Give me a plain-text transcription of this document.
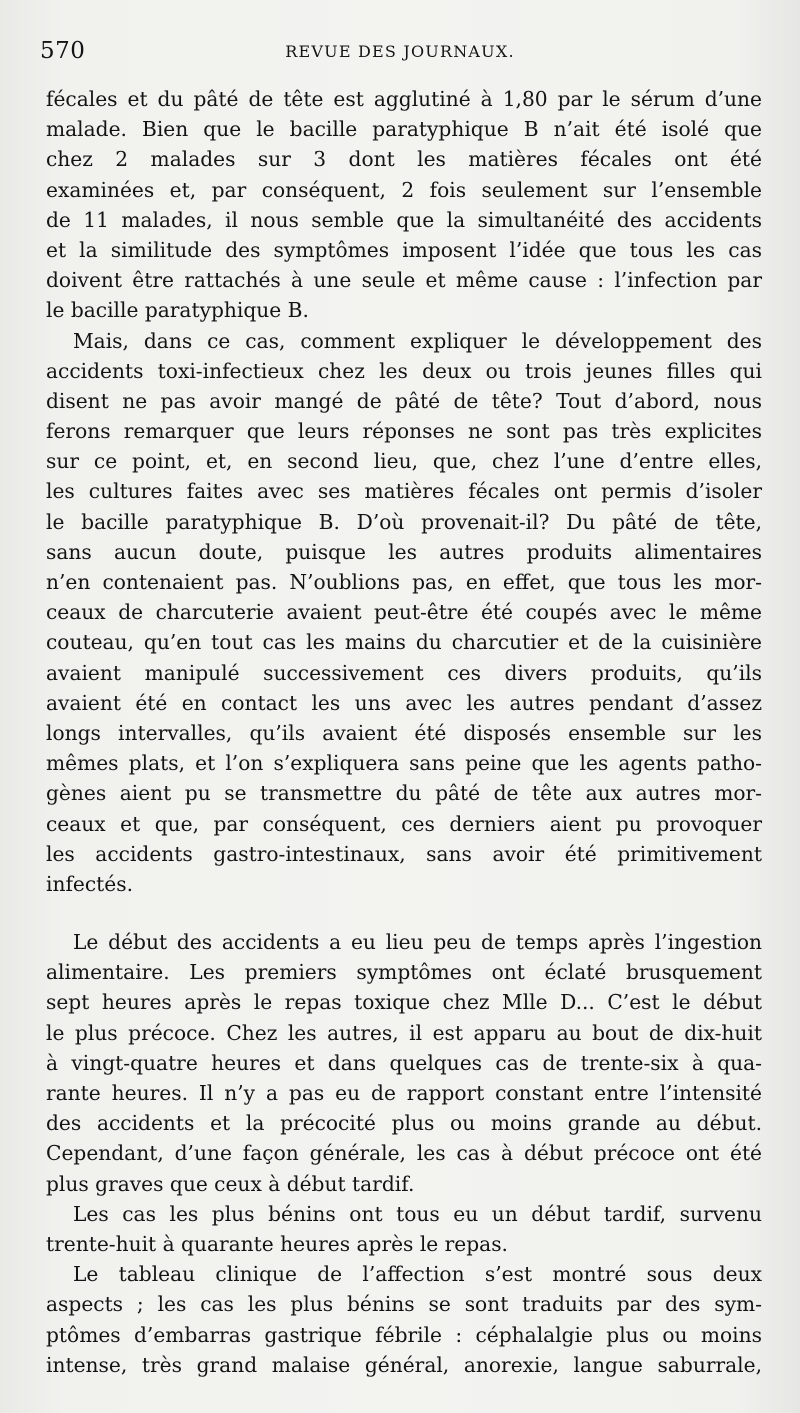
570	REVUE DES JOURNAUX.
fécales et du pâté de tête est agglutiné à 1,80 par le sérum d’une
malade. Bien que le bacille paratyphique B n’ait été isolé que
chez 2 malades sur 3 dont les matières fécales ont été
examinées et, par conséquent, 2 fois seulement sur l’ensemble
de 11 malades, il nous semble que la simultanéité des accidents
et la similitude des symptômes imposent l’idée que tous les cas
doivent être rattachés à une seule et même cause : l’infection par
le bacille paratyphique B.
Mais, dans ce cas, comment expliquer le développement des
accidents toxi-infectieux chez les deux ou trois jeunes filles qui
disent ne pas avoir mangé de pâté de tête? Tout d’abord, nous
ferons remarquer que leurs réponses ne sont pas très explicites
sur ce point, et, en second lieu, que, chez l’une d’entre elles,
les cultures faites avec ses matières fécales ont permis d’isoler
le bacille paratyphique B. D’où provenait-il? Du pâté de tête,
sans aucun doute, puisque les autres produits alimentaires
n’en contenaient pas. N’oublions pas, en effet, que tous les mor-
ceaux de charcuterie avaient peut-être été coupés avec le même
couteau, qu’en tout cas les mains du charcutier et de la cuisinière
avaient manipulé successivement ces divers produits, qu’ils
avaient été en contact les uns avec les autres pendant d’assez
longs intervalles, qu’ils avaient été disposés ensemble sur les
mêmes plats, et l’on s’expliquera sans peine que les agents patho-
gènes aient pu se transmettre du pâté de tête aux autres mor-
ceaux et que, par conséquent, ces derniers aient pu provoquer
les accidents gastro-intestinaux, sans avoir été primitivement
infectés.
Le début des accidents a eu lieu peu de temps après l’ingestion
alimentaire. Les premiers symptômes ont éclaté brusquement
sept heures après le repas toxique chez Mlle D... C’est le début
le plus précoce. Chez les autres, il est apparu au bout de dix-huit
à vingt-quatre heures et dans quelques cas de trente-six à qua-
rante heures. Il n’y a pas eu de rapport constant entre l’intensité
des accidents et la précocité plus ou moins grande au début.
Cependant, d’une façon générale, les cas à début précoce ont été
plus graves que ceux à début tardif.
Les cas les plus bénins ont tous eu un début tardif, survenu
trente-huit à quarante heures après le repas.
Le tableau clinique de l’affection s’est montré sous deux
aspects ; les cas les plus bénins se sont traduits par des sym-
ptômes d’embarras gastrique fébrile : céphalalgie plus ou moins
intense, très grand malaise général, anorexie, langue saburrale,
